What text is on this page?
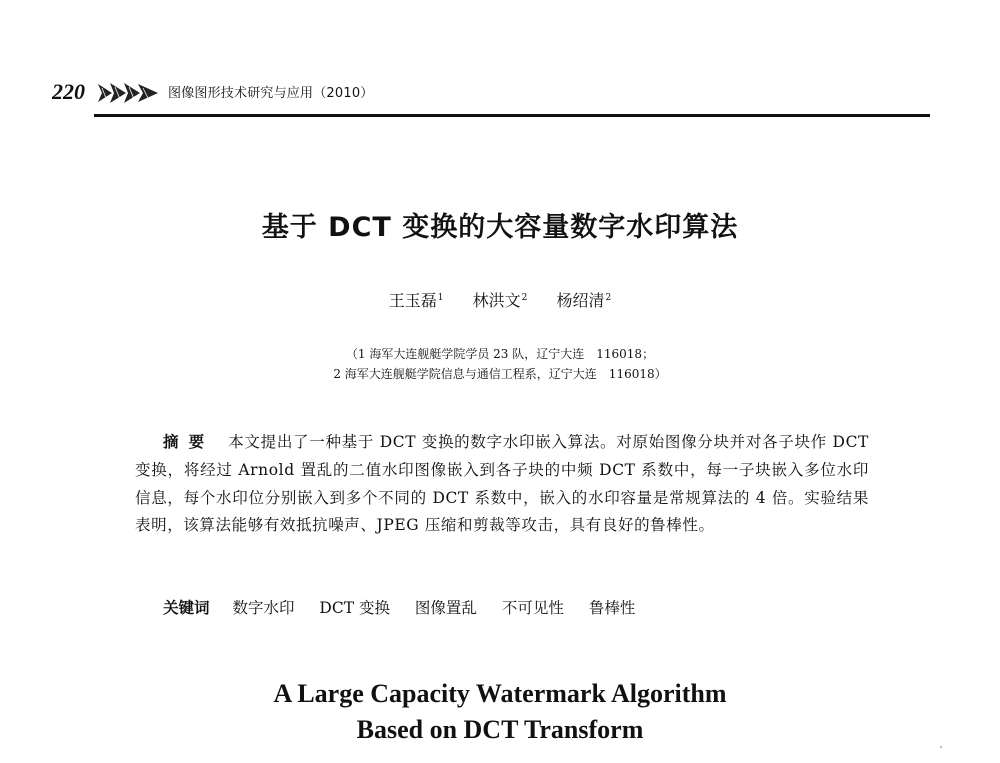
220	图像图形技术研究与应用（2010）
基于 DCT 变换的大容量数字水印算法
王玉磊$^1$ 林洪文$^2$ 杨绍清$^2$
（1 海军大连舰艇学院学员 23 队，辽宁大连　116018；
2 海军大连舰艇学院信息与通信工程系，辽宁大连　116018）

摘要 本文提出了一种基于 DCT 变换的数字水印嵌入算法。对原始图像分块并对各子块作 DCT 变换，将经过 Arnold 置乱的二值水印图像嵌入到各子块的中频 DCT 系数中，每一子块嵌入多位水印信息，每个水印位分别嵌入到多个不同的 DCT 系数中，嵌入的水印容量是常规算法的 4 倍。实验结果表明，该算法能够有效抵抗噪声、JPEG 压缩和剪裁等攻击，具有良好的鲁棒性。

关键词 数字水印 DCT 变换 图像置乱 不可见性 鲁棒性
A Large Capacity Watermark Algorithm
Based on DCT Transform
